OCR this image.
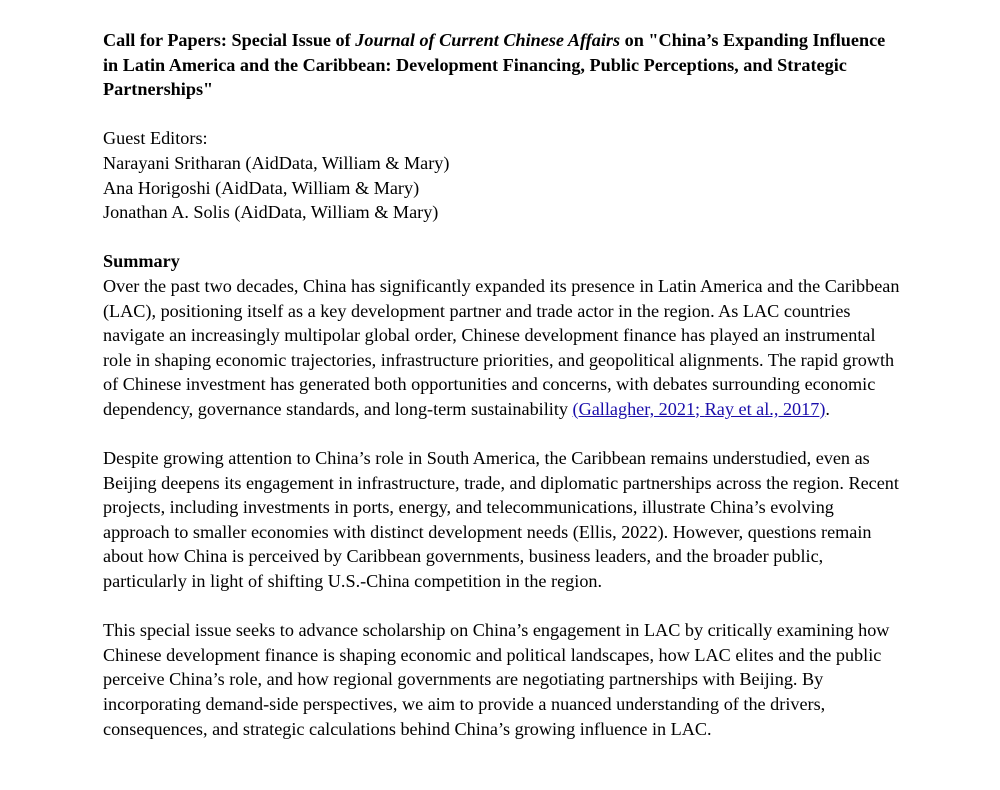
Call for Papers: Special Issue of Journal of Current Chinese Affairs on "China’s Expanding Influence in Latin America and the Caribbean: Development Financing, Public Perceptions, and Strategic Partnerships"

Guest Editors:
Narayani Sritharan (AidData, William & Mary)
Ana Horigoshi (AidData, William & Mary)
Jonathan A. Solis (AidData, William & Mary)

Summary

Over the past two decades, China has significantly expanded its presence in Latin America and the Caribbean (LAC), positioning itself as a key development partner and trade actor in the region. As LAC countries navigate an increasingly multipolar global order, Chinese development finance has played an instrumental role in shaping economic trajectories, infrastructure priorities, and geopolitical alignments. The rapid growth of Chinese investment has generated both opportunities and concerns, with debates surrounding economic dependency, governance standards, and long-term sustainability (Gallagher, 2021; Ray et al., 2017).

Despite growing attention to China’s role in South America, the Caribbean remains understudied, even as Beijing deepens its engagement in infrastructure, trade, and diplomatic partnerships across the region. Recent projects, including investments in ports, energy, and telecommunications, illustrate China’s evolving approach to smaller economies with distinct development needs (Ellis, 2022). However, questions remain about how China is perceived by Caribbean governments, business leaders, and the broader public, particularly in light of shifting U.S.-China competition in the region.

This special issue seeks to advance scholarship on China’s engagement in LAC by critically examining how Chinese development finance is shaping economic and political landscapes, how LAC elites and the public perceive China’s role, and how regional governments are negotiating partnerships with Beijing. By incorporating demand-side perspectives, we aim to provide a nuanced understanding of the drivers, consequences, and strategic calculations behind China’s growing influence in LAC.
